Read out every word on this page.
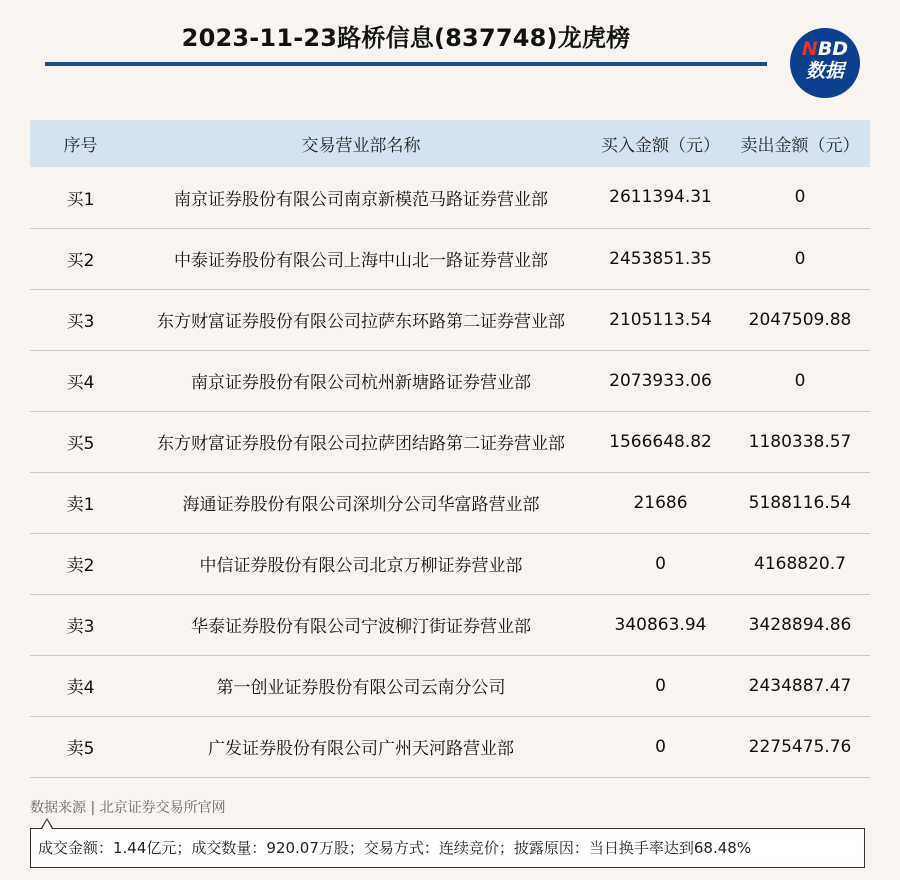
2023-11-23路桥信息(837748)龙虎榜	NBD
数据
序号	交易营业部名称	买入金额（元）	卖出金额（元）
买1	南京证券股份有限公司南京新模范马路证券营业部	2611394.31	0
买2	中泰证券股份有限公司上海中山北一路证券营业部	2453851.35	0
买3	东方财富证券股份有限公司拉萨东环路第二证券营业部	2105113.54	2047509.88
买4	南京证券股份有限公司杭州新塘路证券营业部	2073933.06	0
买5	东方财富证券股份有限公司拉萨团结路第二证券营业部	1566648.82	1180338.57
卖1	海通证券股份有限公司深圳分公司华富路营业部	21686	5188116.54
卖2	中信证券股份有限公司北京万柳证券营业部	0	4168820.7
卖3	华泰证券股份有限公司宁波柳汀街证券营业部	340863.94	3428894.86
卖4	第一创业证券股份有限公司云南分公司	0	2434887.47
卖5	广发证券股份有限公司广州天河路营业部	0	2275475.76
数据来源 | 北京证券交易所官网
成交金额：1.44亿元；成交数量：920.07万股；交易方式：连续竞价；披露原因：当日换手率达到68.48%
